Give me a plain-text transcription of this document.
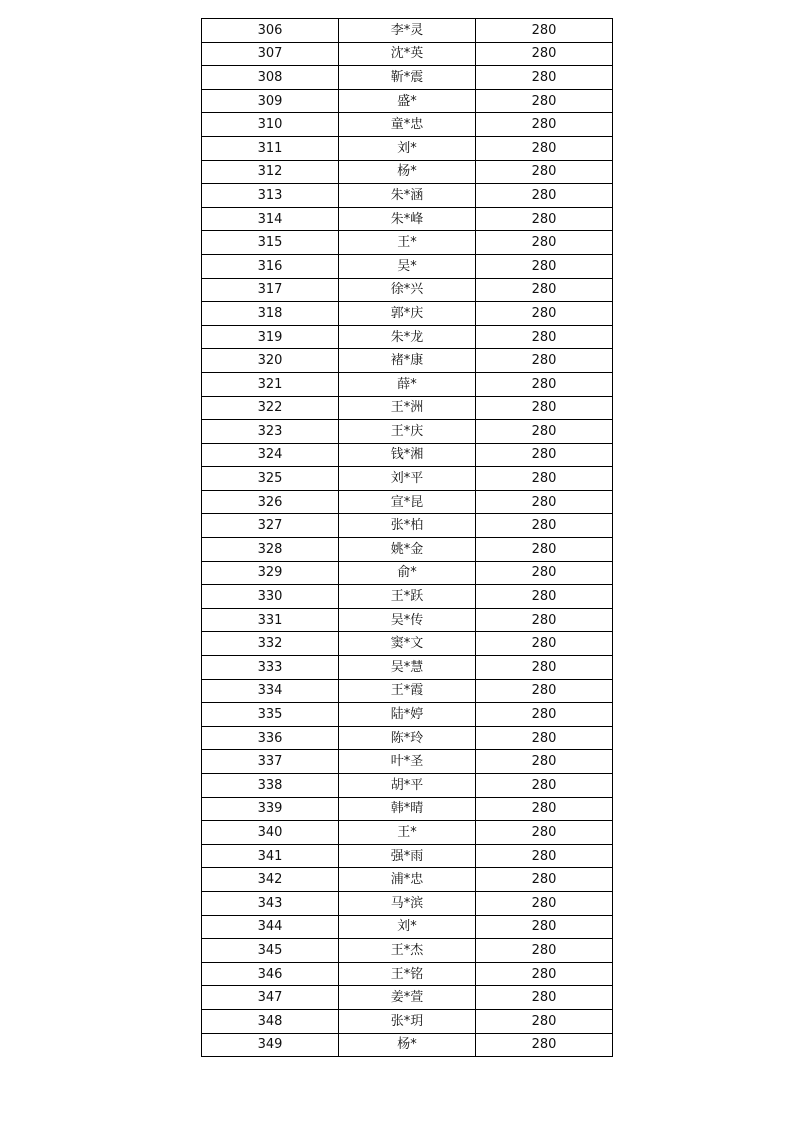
306	李*灵	280
307	沈*英	280
308	靳*震	280
309	盛*	280
310	童*忠	280
311	刘*	280
312	杨*	280
313	朱*涵	280
314	朱*峰	280
315	王*	280
316	吴*	280
317	徐*兴	280
318	郭*庆	280
319	朱*龙	280
320	褚*康	280
321	薛*	280
322	王*洲	280
323	王*庆	280
324	钱*湘	280
325	刘*平	280
326	宣*昆	280
327	张*柏	280
328	姚*金	280
329	俞*	280
330	王*跃	280
331	吴*传	280
332	窦*文	280
333	吴*慧	280
334	王*霞	280
335	陆*婷	280
336	陈*玲	280
337	叶*圣	280
338	胡*平	280
339	韩*晴	280
340	王*	280
341	强*雨	280
342	浦*忠	280
343	马*滨	280
344	刘*	280
345	王*杰	280
346	王*铭	280
347	姜*萱	280
348	张*玥	280
349	杨*	280
